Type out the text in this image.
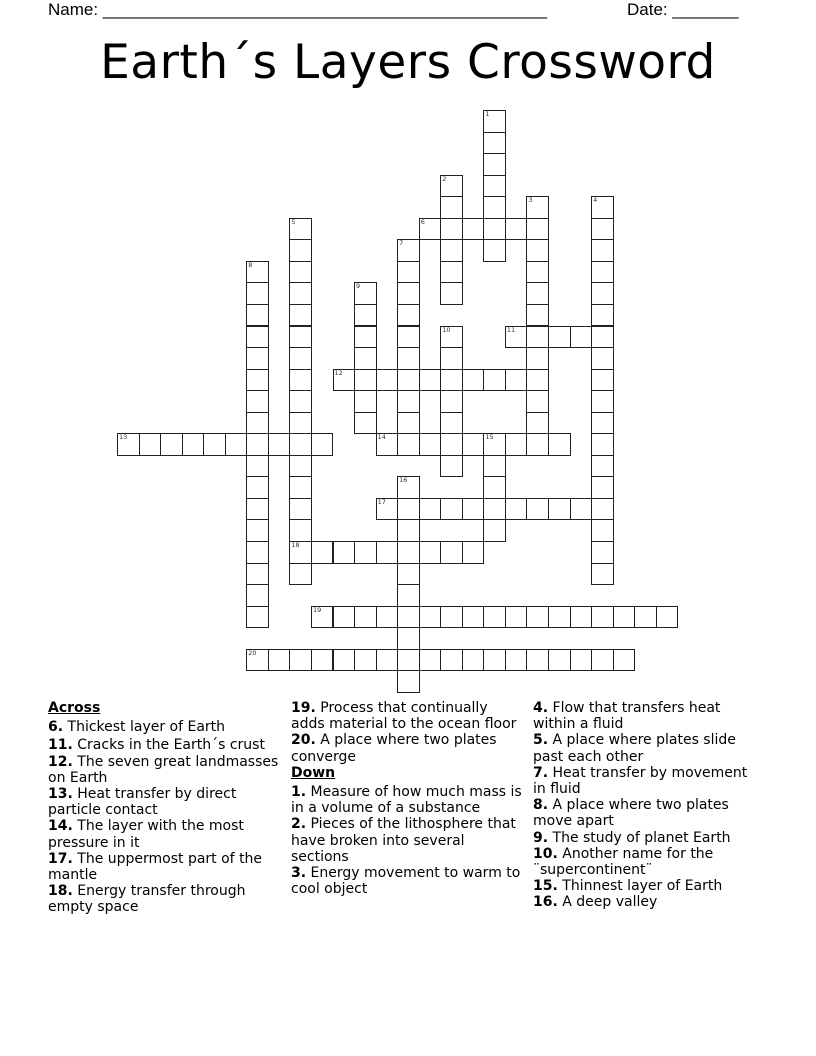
Name: _______________________________________________	Date: _______
Earth´s Layers Crossword
1
2
3	4
5
18
6
7
8
9
10	11
12
13	14	15
16
17
19
20
Across
6. Thickest layer of Earth
11. Cracks in the Earth´s crust
12. The seven great landmasses on Earth
13. Heat transfer by direct particle contact
14. The layer with the most pressure in it
17. The uppermost part of the mantle
18. Energy transfer through empty space
19. Process that continually adds material to the ocean floor
20. A place where two plates converge
Down
1. Measure of how much mass is in a volume of a substance
2. Pieces of the lithosphere that have broken into several sections
3. Energy movement to warm to cool object
4. Flow that transfers heat within a fluid
5. A place where plates slide past each other
7. Heat transfer by movement in fluid
8. A place where two plates move apart
9. The study of planet Earth
10. Another name for the ¨supercontinent¨
15. Thinnest layer of Earth
16. A deep valley
